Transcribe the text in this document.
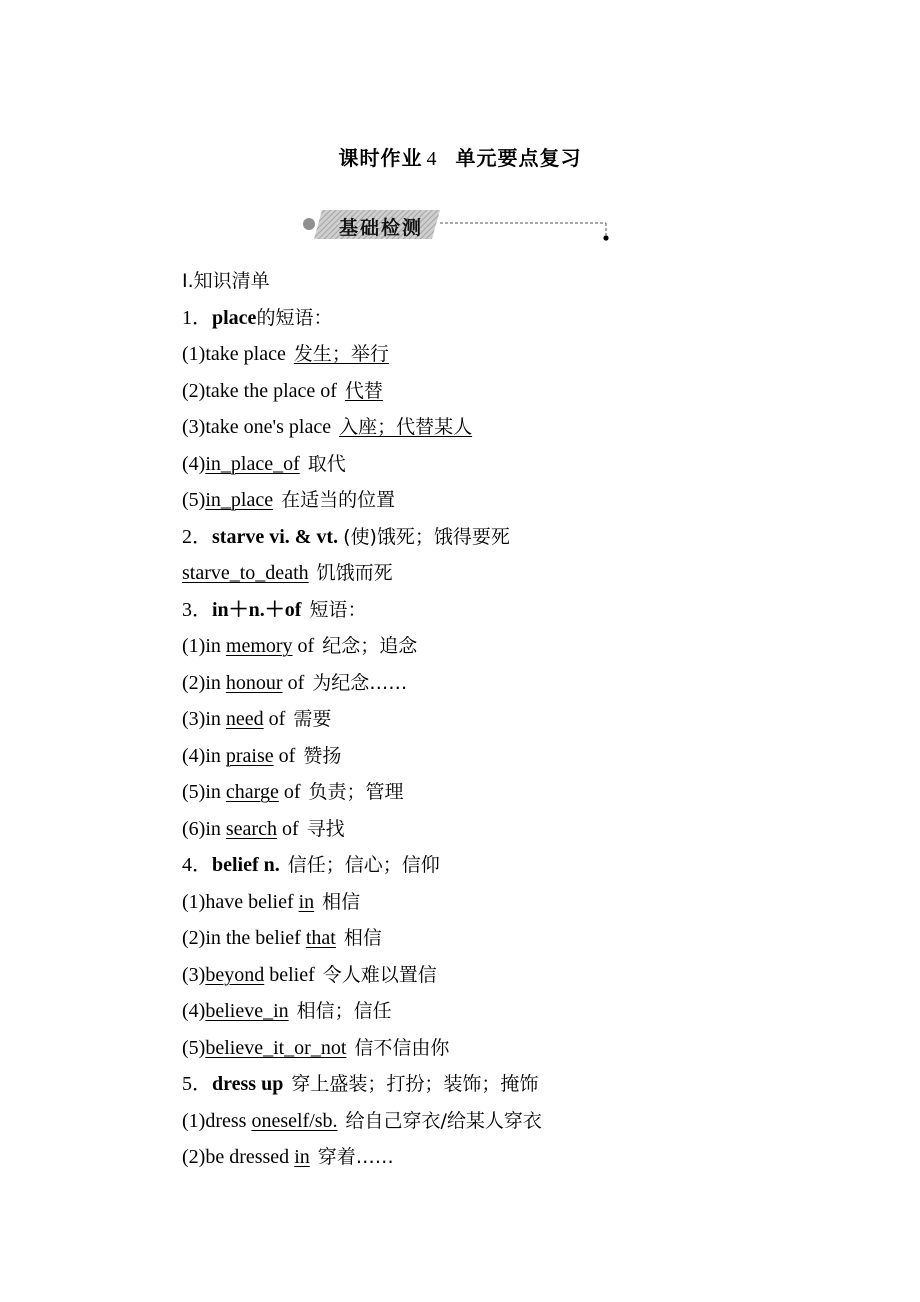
课时作业 4 单元要点复习
基础检测
Ⅰ.知识清单
1．place的短语：
(1)take place 发生；举行
(2)take the place of 代替
(3)take one's place 入座；代替某人
(4)in_place_of 取代
(5)in_place 在适当的位置
2．starve vi. & vt. (使)饿死；饿得要死
starve_to_death 饥饿而死
3．in＋n.＋of 短语：
(1)in memory of 纪念；追念
(2)in honour of 为纪念……
(3)in need of 需要
(4)in praise of 赞扬
(5)in charge of 负责；管理
(6)in search of 寻找
4．belief n. 信任；信心；信仰
(1)have belief in 相信
(2)in the belief that 相信
(3)beyond belief 令人难以置信
(4)believe_in 相信；信任
(5)believe_it_or_not 信不信由你
5．dress up 穿上盛装；打扮；装饰；掩饰
(1)dress oneself/sb. 给自己穿衣/给某人穿衣
(2)be dressed in 穿着……
